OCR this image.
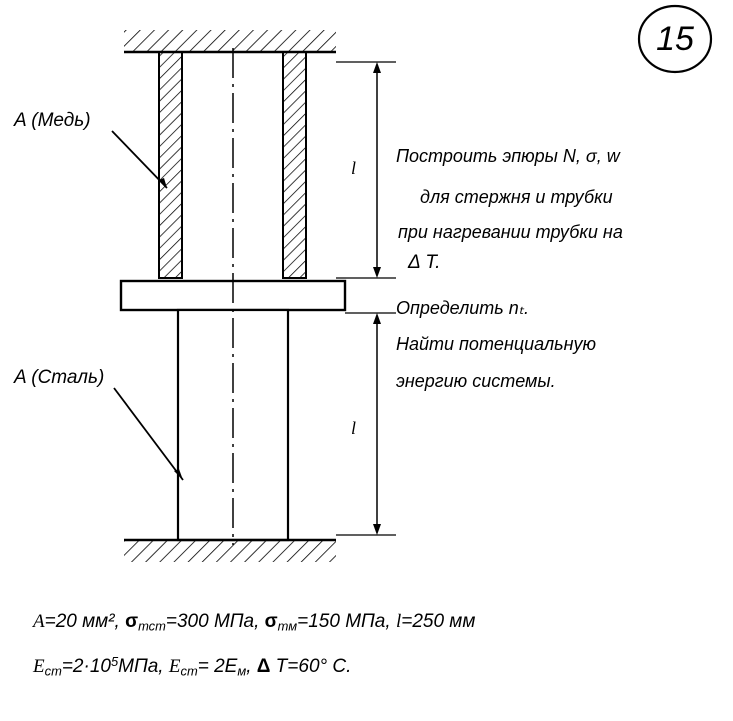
A (Медь)
A (Сталь)
l
l
Построить эпюры N, σ, w
для стержня и трубки
при нагревании трубки на
Δ T.
Определить nₜ.
Найти потенциальную
энергию системы.
A=20 мм², $\sigma_{тст}=300$ МПа, $\sigma_{тм}=150$ МПа, l=250 мм
$E_{ст}=2\cdot 10^5МПа$, $E_{ст}= 2E_м$, Δ T=60° C.
15
